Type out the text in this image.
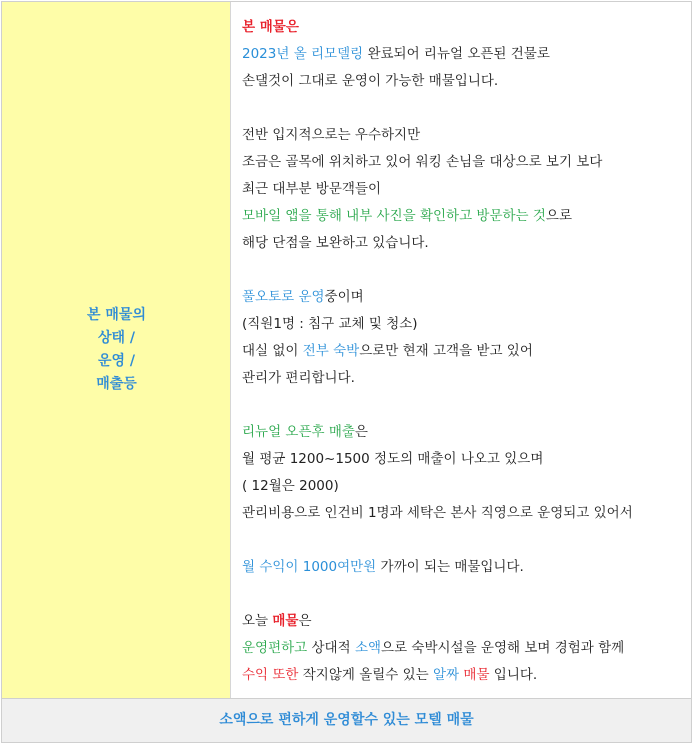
본 매물의
상태 /
운영 /
매출등
본 매물은
2023년 올 리모델링 완료되어 리뉴얼 오픈된 건물로
손댈것이 그대로 운영이 가능한 매물입니다.
전반 입지적으로는 우수하지만
조금은 골목에 위치하고 있어 워킹 손님을 대상으로 보기 보다
최근 대부분 방문객들이
모바일 앱을 통해 내부 사진을 확인하고 방문하는 것으로
해당 단점을 보완하고 있습니다.
풀오토로 운영중이며
(직원1명 : 침구 교체 및 청소)
대실 없이 전부 숙박으로만 현재 고객을 받고 있어
관리가 편리합니다.
리뉴얼 오픈후 매출은
월 평균 1200~1500 정도의 매출이 나오고 있으며
( 12월은 2000)
관리비용으로 인건비 1명과 세탁은 본사 직영으로 운영되고 있어서
월 수익이 1000여만원 가까이 되는 매물입니다.
오늘 매물은
운영편하고 상대적 소액으로 숙박시설을 운영해 보며 경험과 함께
수익 또한 작지않게 올릴수 있는 알짜 매물 입니다.
소액으로 편하게 운영할수 있는 모텔 매물
